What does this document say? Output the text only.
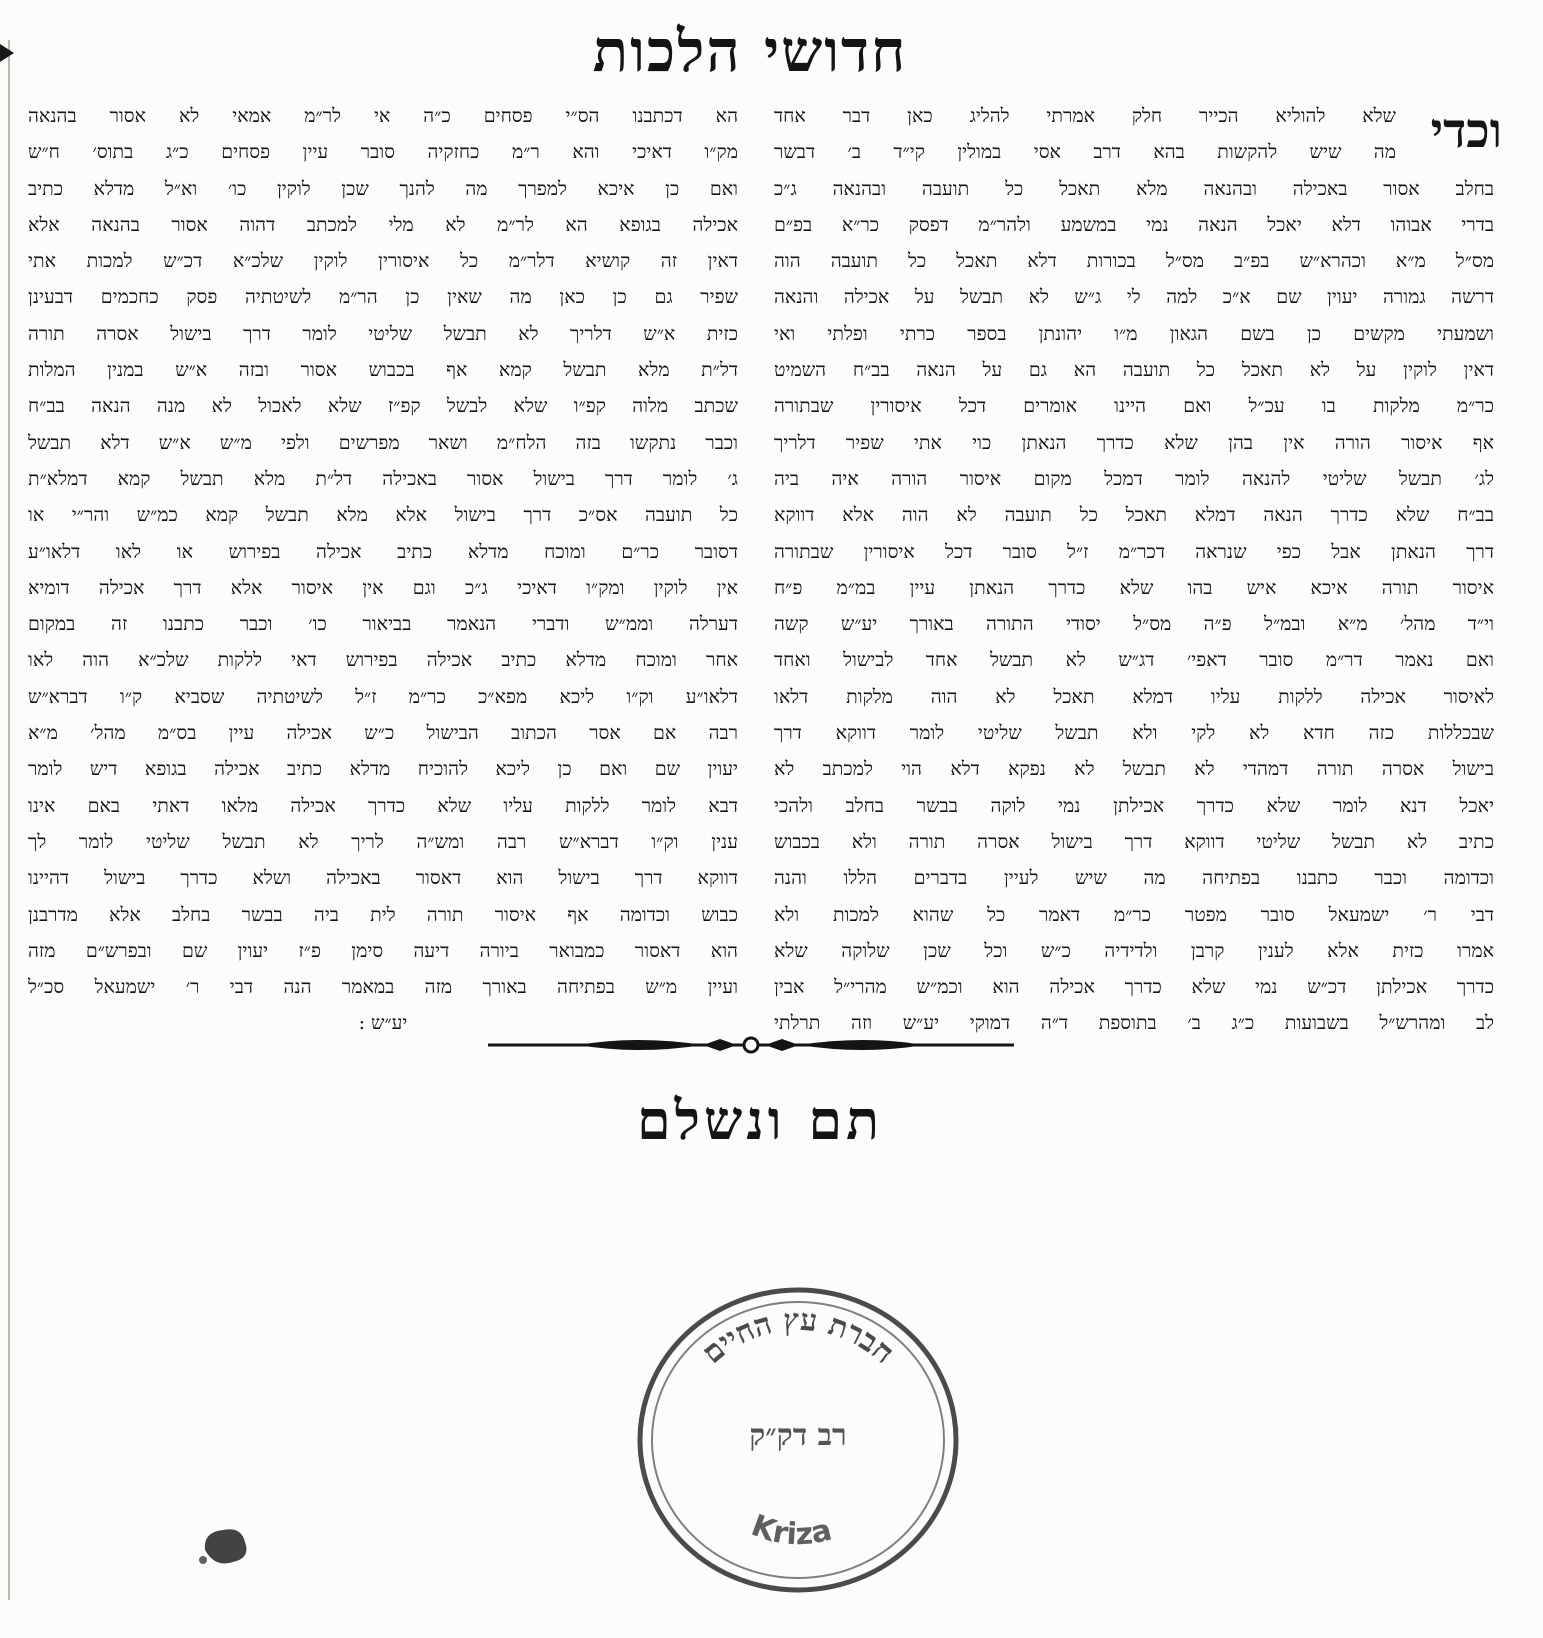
חדושי הלכות
וכדי
שלא להוליא הכייר חלק אמרתי להליג כאן דבר אחד
מה שיש להקשות בהא דרב אסי במולין קי״ד ב׳ דבשר
בחלב אסור באכילה ובהנאה מלא תאכל כל תועבה ובהנאה ג״כ
בדרי אבוהו דלא יאכל הנאה נמי במשמע ולהר״מ דפסק כר״א בפ״ם
מס״ל מ״א וכהרא״ש בפ״ב מס״ל בכורות דלא תאכל כל תועבה הוה
דרשה גמורה יעוין שם א״כ למה לי ג״ש לא תבשל על אכילה והנאה
ושמעתי מקשים כן בשם הגאון מ״ו יהונתן בספר כרתי ופלתי ואי
דאין לוקין על לא תאכל כל תועבה הא גם על הנאה בב״ח השמיט
כר״מ מלקות בו עכ״ל ואם היינו אומרים דכל איסורין שבתורה
אף איסור הורה אין בהן שלא כדרך הנאתן כוי אתי שפיר דלריך
לג׳ תבשל שליטי להנאה לומר דמכל מקום איסור הורה איה ביה
בב״ח שלא כדרך הנאה דמלא תאכל כל תועבה לא הוה אלא דווקא
דרך הנאתן אבל כפי שנראה דכר״מ ז״ל סובר דכל איסורין שבתורה
איסור תורה איכא איש בהו שלא כדרך הנאתן עיין במ״מ פ״ח
וי״ד מהל׳ מ״א ובמ״ל פ״ה מס״ל יסודי התורה באורך יע״ש קשה
ואם נאמר דר״מ סובר דאפי׳ דג״ש לא תבשל אחד לבישול ואחד
לאיסור אכילה ללקות עליו דמלא תאכל לא הוה מלקות דלאו
שבכללות כזה חדא לא לקי ולא תבשל שליטי לומר דווקא דרך
בישול אסרה תורה דמהדי לא תבשל לא נפקא דלא הוי למכתב לא
יאכל דנא לומר שלא כדרך אכילתן נמי לוקה בבשר בחלב ולהכי
כתיב לא תבשל שליטי דווקא דרך בישול אסרה תורה ולא בכבוש
וכדומה וכבר כתבנו בפתיחה מה שיש לעיין בדברים הללו והנה
דבי ר׳ ישמעאל סובר מפטר כר״מ דאמר כל שהוא למכות ולא
אמרו כזית אלא לענין קרבן ולדידיה כ״ש וכל שכן שלוקה שלא
כדרך אכילתן דכ״ש נמי שלא כדרך אכילה הוא וכמ״ש מהרי״ל אבין
לב ומהרש״ל בשבועות כ״ג ב׳ בתוספת ד״ה דמוקי יע״ש וזה תרלתי
הא דכתבנו הס״י פסחים כ״ה אי לר״מ אמאי לא אסור בהנאה
מק״ו דאיכי והא ר״מ כחזקיה סובר עיין פסחים כ״ג בתוס׳ ח״ש
ואם כן איכא למפרך מה להנך שכן לוקין כו׳ וא״ל מדלא כתיב
אכילה בגופא הא לר״מ לא מלי למכתב דהוה אסור בהנאה אלא
דאין זה קושיא דלר״מ כל איסורין לוקין שלכ״א דכ״ש למכות אתי
שפיר גם כן כאן מה שאין כן הר״מ לשיטתיה פסק כחכמים דבעינן
כזית א״ש דלריך לא תבשל שליטי לומר דרך בישול אסרה תורה
דל״ת מלא תבשל קמא אף בכבוש אסור ובזה א״ש במנין המלות
שכתב מלוה קפ״ו שלא לבשל קפ״ז שלא לאכול לא מנה הנאה בב״ח
וכבר נתקשו בזה הלח״מ ושאר מפרשים ולפי מ״ש א״ש דלא תבשל
ג׳ לומר דרך בישול אסור באכילה דל״ת מלא תבשל קמא דמלא״ת
כל תועבה אס״כ דרך בישול אלא מלא תבשל קמא כמ״ש והר״י או
דסובר כר״ם ומוכח מדלא כתיב אכילה בפירוש או לאו דלאו״ע
אין לוקין ומק״ו דאיכי ג״כ וגם אין איסור אלא דרך אכילה דומיא
דערלה וממ״ש ודברי הנאמר בביאור כו׳ וכבר כתבנו זה במקום
אחר ומוכח מדלא כתיב אכילה בפירוש דאי ללקות שלכ״א הוה לאו
דלאו״ע וק״ו ליכא מפא״כ כר״מ ז״ל לשיטתיה שסביא ק״ו דברא״ש
רבה אם אסר הכתוב הבישול כ״ש אכילה עיין בס״מ מהל׳ מ״א
יעוין שם ואם כן ליכא להוכיח מדלא כתיב אכילה בגופא דיש לומר
דבא לומר ללקות עליו שלא כדרך אכילה מלאו דאתי באם אינו
ענין וק״ו דברא״ש רבה ומש״ה לריך לא תבשל שליטי לומר לך
דווקא דרך בישול הוא דאסור באכילה ושלא כדרך בישול דהיינו
כבוש וכדומה אף איסור תורה לית ביה בבשר בחלב אלא מדרבנן
הוא דאסור כמבואר ביורה דיעה סימן פ״ז יעוין שם ובפרש״ם מזה
ועיין מ״ש בפתיחה באורך מזה במאמר הנה דבי ר׳ ישמעאל סכ״ל
יע״ש :
תם ונשלם
חברת עץ החיים
רב דק״ק
Kriza
